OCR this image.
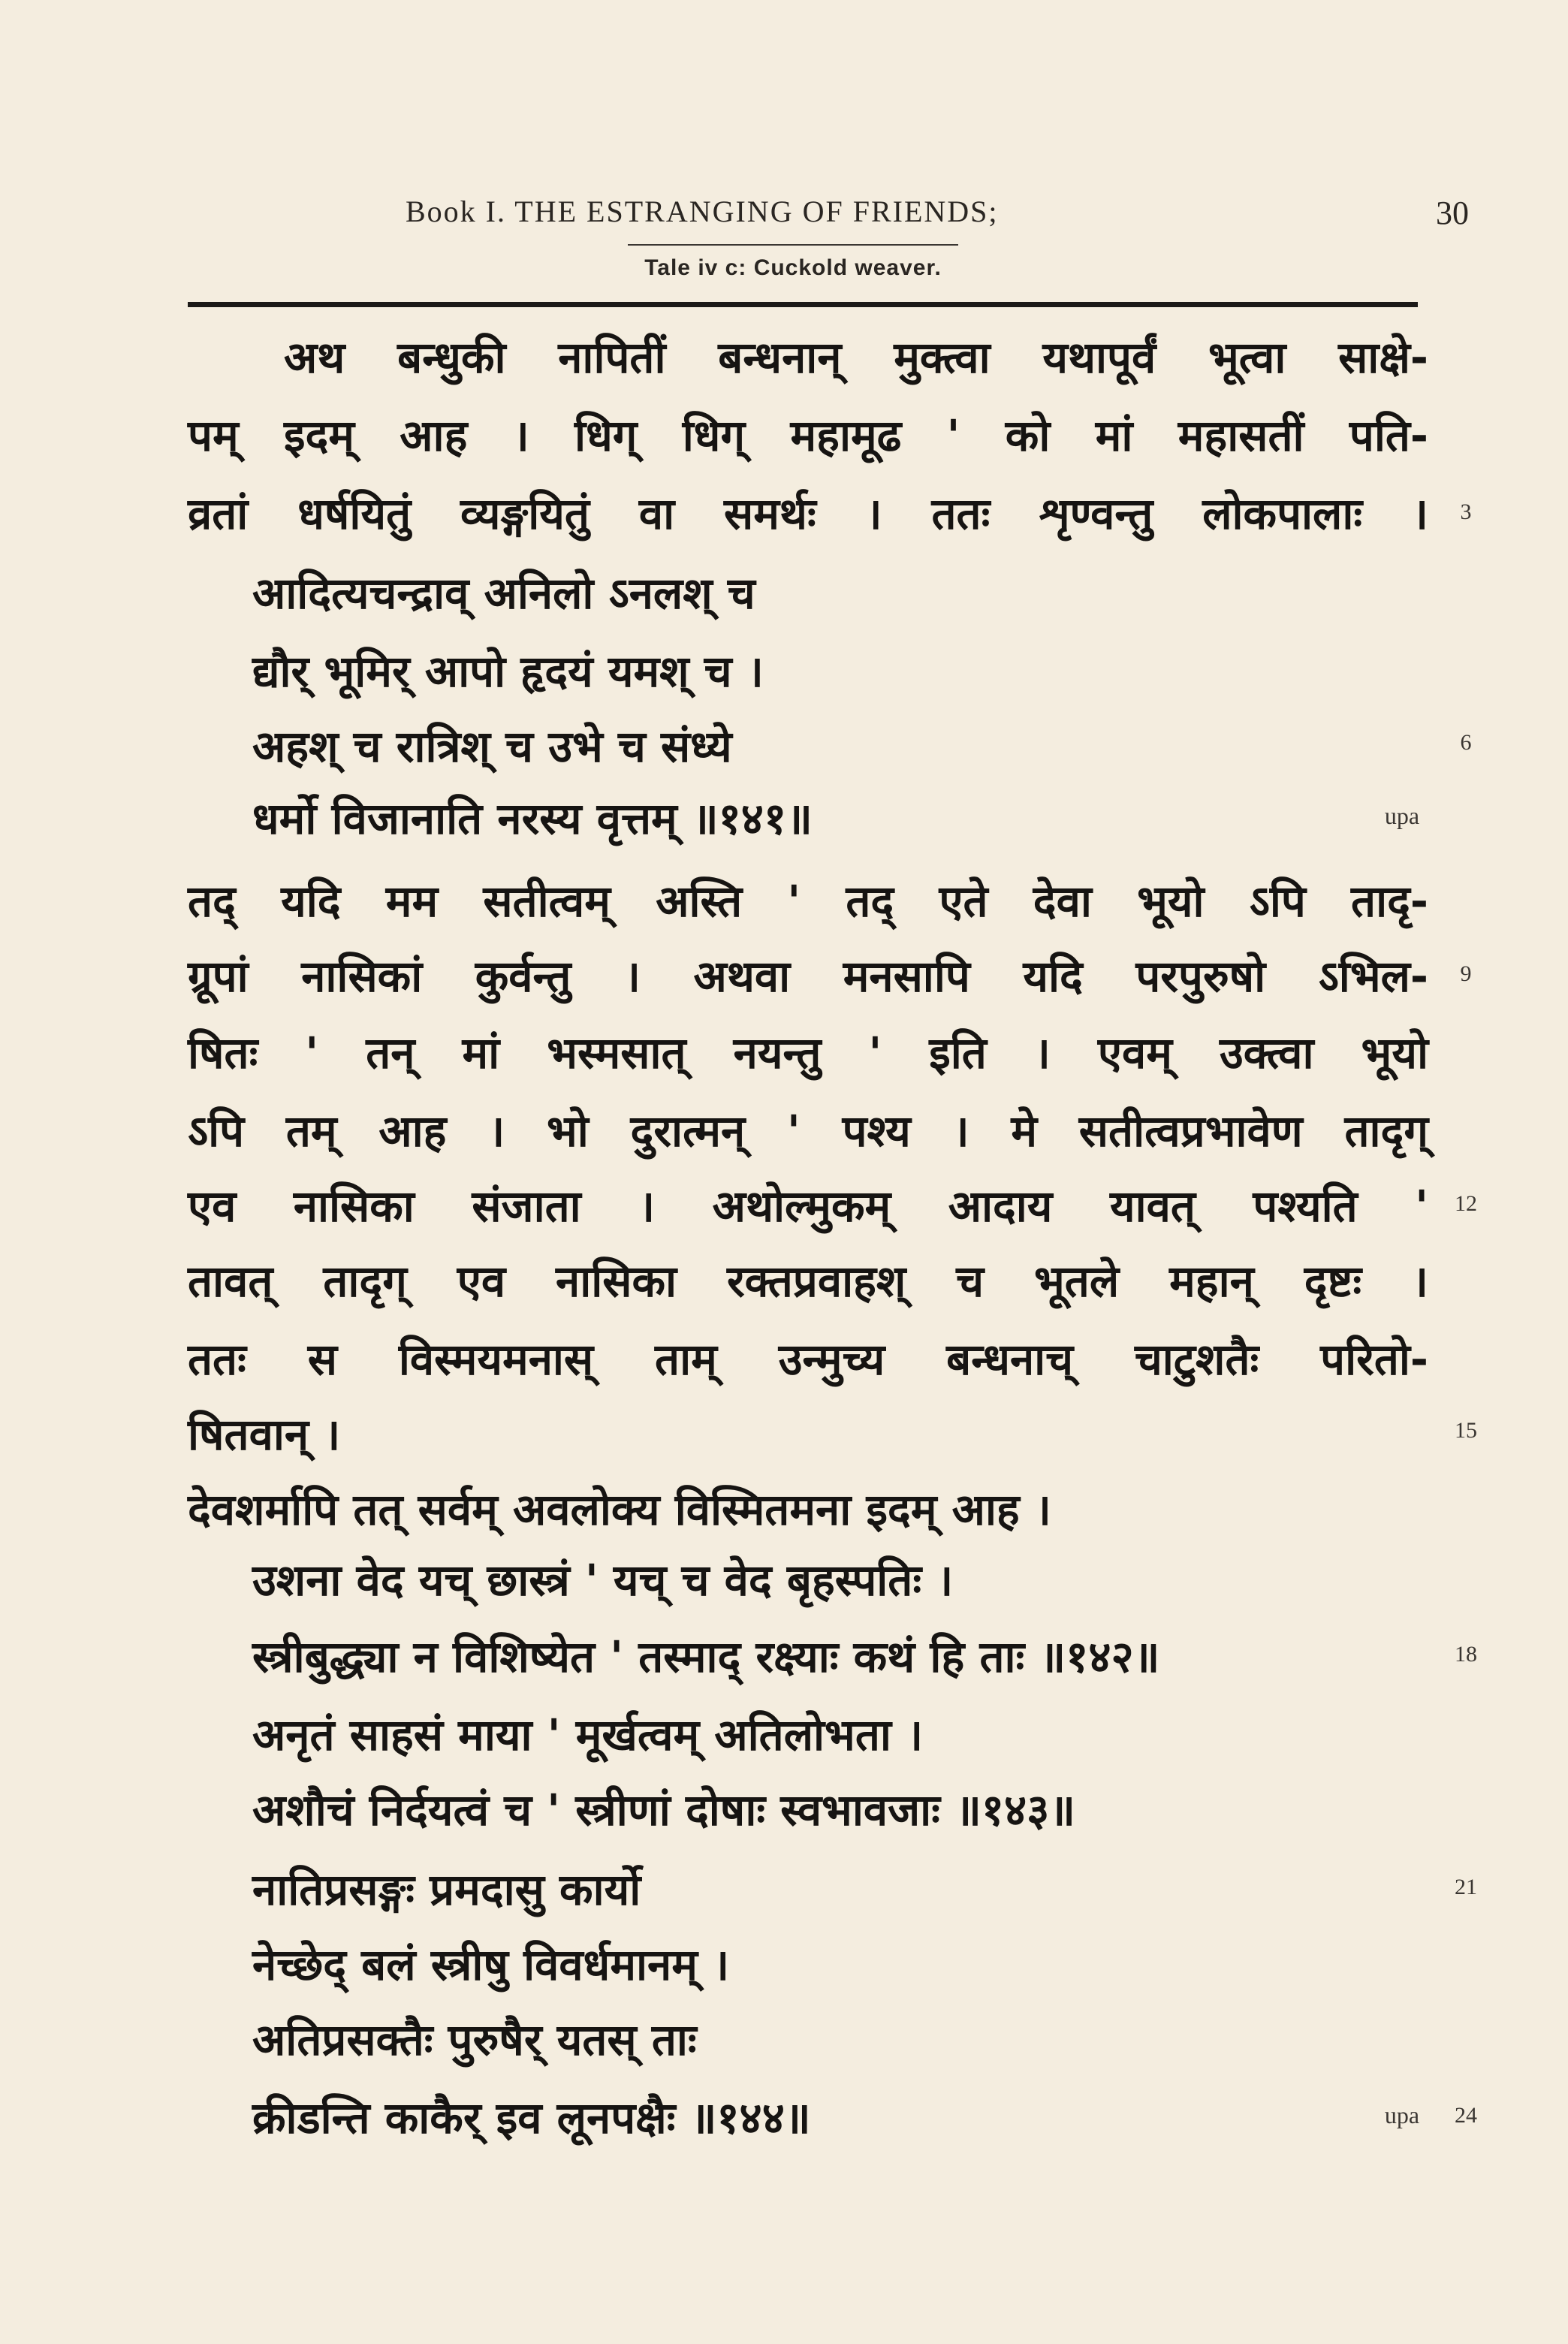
Book I. THE ESTRANGING OF FRIENDS;	30
Tale iv c: Cuckold weaver.
अथ बन्धुकी नापितीं बन्धनान् मुक्त्वा यथापूर्वं भूत्वा साक्षे-
पम् इदम् आह । धिग् धिग् महामूढ ' को मां महासतीं पति-
व्रतां धर्षयितुं व्यङ्गयितुं वा समर्थः । ततः शृण्वन्तु लोकपालाः ।
आदित्यचन्द्राव् अनिलो ऽनलश् च
द्यौर् भूमिर् आपो हृदयं यमश् च ।
अहश् च रात्रिश् च उभे च संध्ये
धर्मो विजानाति नरस्य वृत्तम् ॥१४१॥
तद् यदि मम सतीत्वम् अस्ति ' तद् एते देवा भूयो ऽपि तादृ-
ग्रूपां नासिकां कुर्वन्तु । अथवा मनसापि यदि परपुरुषो ऽभिल-
षितः ' तन् मां भस्मसात् नयन्तु ' इति । एवम् उक्त्वा भूयो
ऽपि तम् आह । भो दुरात्मन् ' पश्य । मे सतीत्वप्रभावेण तादृग्
एव नासिका संजाता । अथोल्मुकम् आदाय यावत् पश्यति '
तावत् तादृग् एव नासिका रक्तप्रवाहश् च भूतले महान् दृष्टः ।
ततः स विस्मयमनास् ताम् उन्मुच्य बन्धनाच् चाटुशतैः परितो-
षितवान् ।
देवशर्मापि तत् सर्वम् अवलोक्य विस्मितमना इदम् आह ।
उशना वेद यच् छास्त्रं ' यच् च वेद बृहस्पतिः ।
स्त्रीबुद्ध्या न विशिष्येत ' तस्माद् रक्ष्याः कथं हि ताः ॥१४२॥
अनृतं साहसं माया ' मूर्खत्वम् अतिलोभता ।
अशौचं निर्दयत्वं च ' स्त्रीणां दोषाः स्वभावजाः ॥१४३॥
नातिप्रसङ्गः प्रमदासु कार्यो
नेच्छेद् बलं स्त्रीषु विवर्धमानम् ।
अतिप्रसक्तैः पुरुषैर् यतस् ताः
क्रीडन्ति काकैर् इव लूनपक्षैः ॥१४४॥
3
6
9
12
15
18
21
24
upa
upa
